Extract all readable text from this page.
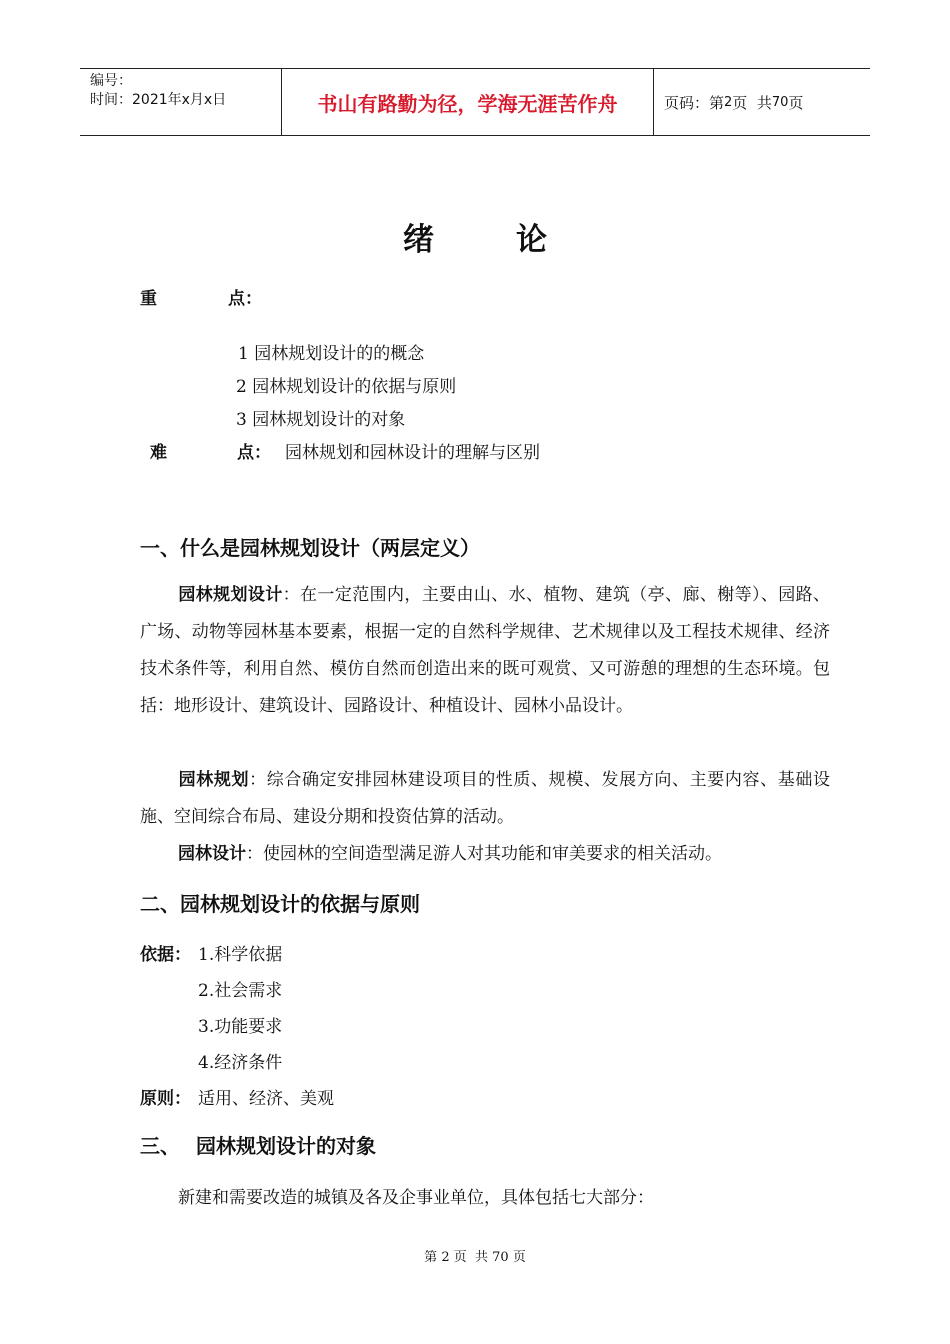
编号：
时间：2021年x月x日	书山有路勤为径，学海无涯苦作舟	页码：第 2 页  共 70 页
绪	论
重	点：
1 园林规划设计的的概念
2 园林规划设计的依据与原则
3 园林规划设计的对象
难	点： 园林规划和园林设计的理解与区别
一、什么是园林规划设计（两层定义）
园林规划设计：在一定范围内，主要由山、水、植物、建筑（亭、廊、榭等）、园路、广场、动物等园林基本要素，根据一定的自然科学规律、艺术规律以及工程技术规律、经济技术条件等，利用自然、模仿自然而创造出来的既可观赏、又可游憩的理想的生态环境。包括：地形设计、建筑设计、园路设计、种植设计、园林小品设计。
园林规划：综合确定安排园林建设项目的性质、规模、发展方向、主要内容、基础设施、空间综合布局、建设分期和投资估算的活动。
园林设计：使园林的空间造型满足游人对其功能和审美要求的相关活动。
二、园林规划设计的依据与原则
依据： 1.科学依据
2.社会需求
3.功能要求
4.经济条件
原则： 适用、经济、美观
三、 园林规划设计的对象
新建和需要改造的城镇及各及企事业单位，具体包括七大部分：
第 2 页  共 70 页
